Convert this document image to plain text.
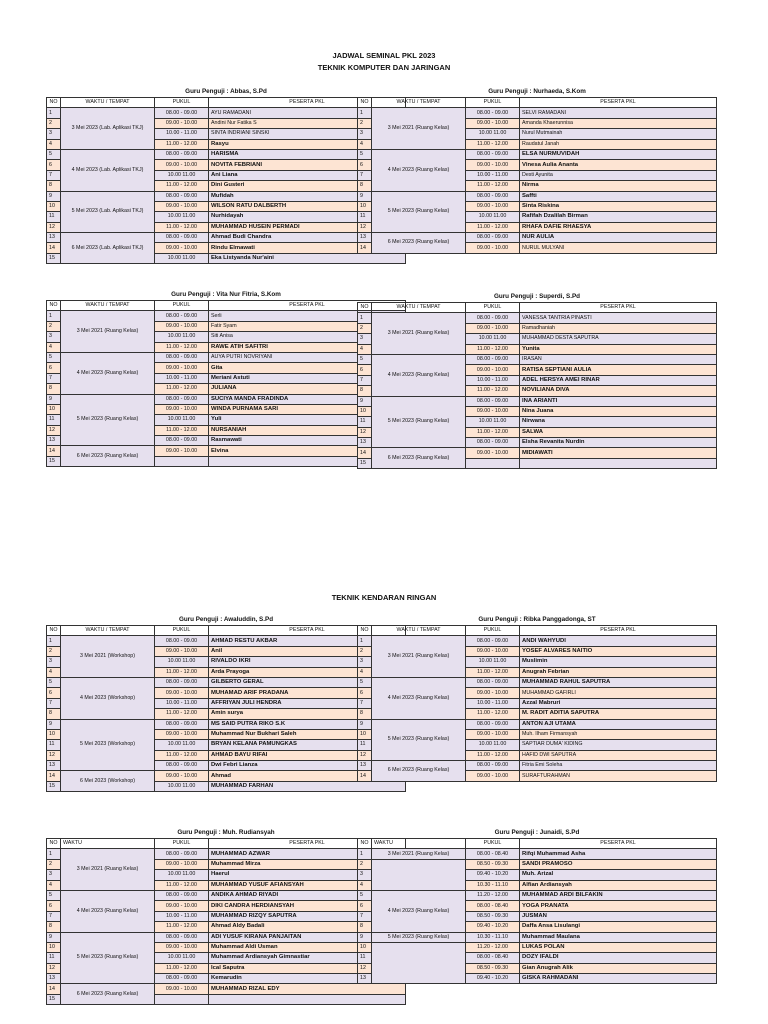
JADWAL SEMINAL PKL 2023
TEKNIK KOMPUTER DAN JARINGAN
TEKNIK KENDARAN RINGAN
Guru Penguji : Abbas, S.Pd
NO	WAKTU / TEMPAT	PUKUL	PESERTA PKL
1	3 Mei 2023 (Lab. Aplikasi TKJ)	08.00 - 09.00	AYU RAMADANI
2		09.00 - 10.00	Andini Nur Fatika S
3		10.00 - 11.00	SINTA INDRIANI SINSKI
4		11.00 - 12.00	Rasyu
5	4 Mei 2023 (Lab. Aplikasi TKJ)	08.00 - 09.00	HARISMA
6		09.00 - 10.00	NOVITA FEBRIANI
7		10.00 11.00	Ani Liana
8		11.00 - 12.00	Dini Gusteri
9	5 Mei 2023 (Lab. Aplikasi TKJ)	08.00 - 09.00	Mufidah
10		09.00 - 10.00	WILSON RATU DALBERTH
11		10.00 11.00	Nurhidayah
12		11.00 - 12.00	MUHAMMAD HUSEIN PERMADI
13	6 Mei 2023 (Lab. Aplikasi TKJ)	08.00 - 09.00	Ahmad Budi Chandra
14		09.00 - 10.00	Rindu Elmawati
15		10.00 11.00	Eka Listyanda Nur'aini
Guru Penguji : Nurhaeda, S.Kom
NO	WAKTU / TEMPAT	PUKUL	PESERTA PKL
1	3 Mei 2021 (Ruang Kelas)	08.00 - 09.00	SELVI RAMADANI
2		09.00 - 10.00	Amanda Khaerunnisa
3		10.00 11.00	Nurul Mutmainah
4		11.00 - 12.00	Raudatul Janah
5	4 Mei 2023 (Ruang Kelas)	08.00 - 09.00	ELSA NURMUVIDAH
6		09.00 - 10.00	Vinesa Aulia Ananta
7		10.00 - 11.00	Desti Ayunita
8		11.00 - 12.00	Nirma
9	5 Mei 2023 (Ruang Kelas)	08.00 - 09.00	Saffti
10		09.00 - 10.00	Sinta Riskina
11		10.00 11.00	Rafifah Dzalilah Birman
12		11.00 - 12.00	RHAFA DAFIE RHAESYA
13	6 Mei 2023 (Ruang Kelas)	08.00 - 09.00	NUR AULIA
14		09.00 - 10.00	NURUL MULYANI
Guru Penguji : Vita Nur Fitria, S.Kom
NO	WAKTU / TEMPAT	PUKUL	PESERTA PKL
1	3 Mei 2021 (Ruang Kelas)	08.00 - 09.00	Serli
2		09.00 - 10.00	Fatir Syam
3		10.00 11.00	Siti Anisa
4		11.00 - 12.00	RAWE ATIH SAFITRI
5	4 Mei 2023 (Ruang Kelas)	08.00 - 09.00	AUYA PUTRI NOVRIYANI
6		09.00 - 10.00	Gita
7		10.00 - 11.00	Meriani Astuti
8		11.00 - 12.00	JULIANA
9	5 Mei 2023 (Ruang Kelas)	08.00 - 09.00	SUCIYA MANDA FRADINDA
10		09.00 - 10.00	WINDA PURNAMA SARI
11		10.00 11.00	Yuli
12		11.00 - 12.00	NURSANIAH
13		08.00 - 09.00	Rasmawati
14	6 Mei 2023 (Ruang Kelas)	09.00 - 10.00	Elvina
15			
Guru Penguji : Superdi, S.Pd
NO	WAKTU / TEMPAT	PUKUL	PESERTA PKL
1	3 Mei 2021 (Ruang Kelas)	08.00 - 09.00	VANESSA TANTRIA PINASTI
2		09.00 - 10.00	Ramadhaniah
3		10.00 11.00	MUHAMMAD DESTA SAPUTRA
4		11.00 - 12.00	Yunita
5	4 Mei 2023 (Ruang Kelas)	08.00 - 09.00	IRASAN
6		09.00 - 10.00	RATISA SEPTIANI AULIA
7		10.00 - 11.00	ADEL HERSYA AMEI RINAR
8		11.00 - 12.00	NOVILIANA DIVA
9	5 Mei 2023 (Ruang Kelas)	08.00 - 09.00	INA ARIANTI
10		09.00 - 10.00	Nina Juana
11		10.00 11.00	Nirwana
12		11.00 - 12.00	SALWA
13		08.00 - 09.00	Elsha Revanita Nurdin
14	6 Mei 2023 (Ruang Kelas)	09.00 - 10.00	MIDIAWATI
15			
Guru Penguji : Awaluddin, S.Pd
NO	WAKTU / TEMPAT	PUKUL	PESERTA PKL
1	3 Mei 2021 (Workshop)	08.00 - 09.00	AHMAD RESTU AKBAR
2		09.00 - 10.00	Anil
3		10.00 11.00	RIVALDO IKRI
4		11.00 - 12.00	Arda Prayoga
5	4 Mei 2023 (Workshop)	08.00 - 09.00	GILBERTO GERAL
6		09.00 - 10.00	MUHAMAD ARIF PRADANA
7		10.00 - 11.00	AFFRIYAN JULI HENDRA
8		11.00 - 12.00	Amin surya
9	5 Mei 2023 (Workshop)	08.00 - 09.00	MS SAID PUTRA RIKO S.K
10		09.00 - 10.00	Muhammad Nur Bukhari Saleh
11		10.00 11.00	BRYAN KELANA PAMUNGKAS
12		11.00 - 12.00	AHMAD BAYU RIFAI
13		08.00 - 09.00	Dwi Febri Lianza
14	6 Mei 2023 (Workshop)	09.00 - 10.00	Ahmad
15		10.00 11.00	MUHAMMAD FARHAN
Guru Penguji : Ribka Panggadonga, ST
NO	WAKTU / TEMPAT	PUKUL	PESERTA PKL
1	3 Mei 2021 (Ruang Kelas)	08.00 - 09.00	ANDI WAHYUDI
2		09.00 - 10.00	YOSEF ALVARES NAITIO
3		10.00 11.00	Muslimin
4		11.00 - 12.00	Anugrah Febrian
5	4 Mei 2023 (Ruang Kelas)	08.00 - 09.00	MUHAMMAD RAHUL SAPUTRA
6		09.00 - 10.00	MUHAMMAD GAFIRLI
7		10.00 - 11.00	Azzal Mabruri
8		11.00 - 12.00	M. RADIT ADITIA SAPUTRA
9	5 Mei 2023 (Ruang Kelas)	08.00 - 09.00	ANTON AJI UTAMA
10		09.00 - 10.00	Muh. Ilham Firmansyah
11		10.00 11.00	SAPTIAR DUMA' KIDING
12		11.00 - 12.00	HAFID DWI SAPUTRA
13	6 Mei 2023 (Ruang Kelas)	08.00 - 09.00	Fitria Emi Soleha
14		09.00 - 10.00	SURAFTURAHMAN
Guru Penguji : Muh. Rudiansyah
NO	WAKTU	PUKUL	PESERTA PKL
1	3 Mei 2021 (Ruang Kelas)	08.00 - 09.00	MUHAMMAD AZWAR
2		09.00 - 10.00	Muhammad Mirza
3		10.00 11.00	Haerul
4		11.00 - 12.00	MUHAMMAD YUSUF AFIANSYAH
5	4 Mei 2023 (Ruang Kelas)	08.00 - 09.00	ANDIKA AHMAD RIYADI
6		09.00 - 10.00	DIKI CANDRA HERDIANSYAH
7		10.00 - 11.00	MUHAMMAD RIZQY SAPUTRA
8		11.00 - 12.00	Ahmad Aldy Badali
9	5 Mei 2023 (Ruang Kelas)	08.00 - 09.00	ADI YUSUF KIRANA PANJAITAN
10		09.00 - 10.00	Muhammad Aldi Usman
11		10.00 11.00	Muhammad Ardiansyah Gimnastiar
12		11.00 - 12.00	Ical Saputra
13		08.00 - 09.00	Kemarudin
14	6 Mei 2023 (Ruang Kelas)	09.00 - 10.00	MUHAMMAD RIZAL EDY
15			
Guru Penguji : Junaidi, S.Pd
NO	WAKTU	PUKUL	PESERTA PKL
1	3 Mei 2021 (Ruang Kelas)	08.00 - 08.40	Rifqi Muhammad Asha
2		08.50 - 09.30	SANDI PRAMOSO
3		09.40 - 10.20	Muh. Arizal
4		10.30 - 11.10	Alfian Ardiansyah
5	4 Mei 2023 (Ruang Kelas)	11.20 - 12.00	MUHAMMAD ARDI BILFAKIN
6		08.00 - 08.40	YOGA PRANATA
7		08.50 - 09.30	JUSMAN
8		09.40 - 10.20	Daffa Ansa Lisulangi
9	5 Mei 2023 (Ruang Kelas)	10.30 - 11.10	Muhammad Maulana
10		11.20 - 12.00	LUKAS POLAN
11		08.00 - 08.40	DOZY IFALDI
12		08.50 - 09.30	Gian Anugrah Alik
13		09.40 - 10.20	GISKA RAHMADANI
